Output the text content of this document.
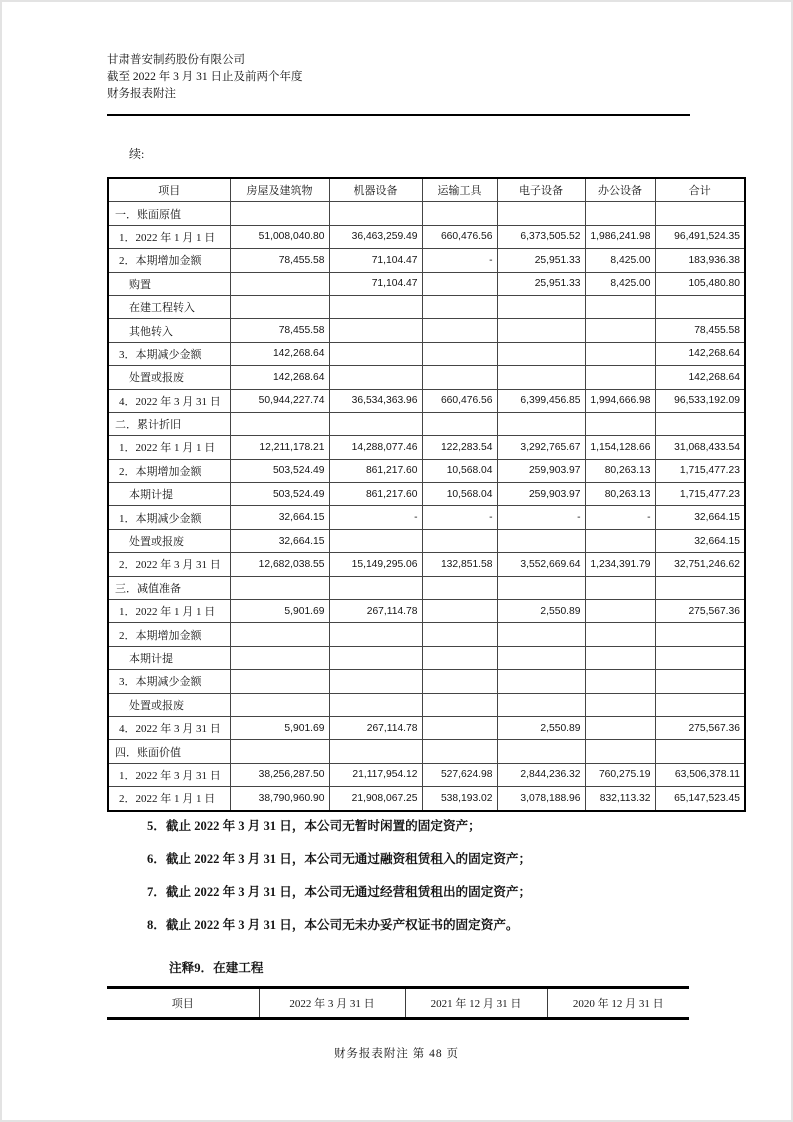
甘肃普安制药股份有限公司
截至 2022 年 3 月 31 日止及前两个年度
财务报表附注
续:
项目	房屋及建筑物	机器设备	运输工具	电子设备	办公设备	合计
一．账面原值						
1．2022 年 1 月 1 日	51,008,040.80	36,463,259.49	660,476.56	6,373,505.52	1,986,241.98	96,491,524.35
2．本期增加金额	78,455.58	71,104.47	-	25,951.33	8,425.00	183,936.38
购置		71,104.47		25,951.33	8,425.00	105,480.80
在建工程转入						
其他转入	78,455.58					78,455.58
3．本期减少金额	142,268.64					142,268.64
处置或报废	142,268.64					142,268.64
4．2022 年 3 月 31 日	50,944,227.74	36,534,363.96	660,476.56	6,399,456.85	1,994,666.98	96,533,192.09
二．累计折旧						
1．2022 年 1 月 1 日	12,211,178.21	14,288,077.46	122,283.54	3,292,765.67	1,154,128.66	31,068,433.54
2．本期增加金额	503,524.49	861,217.60	10,568.04	259,903.97	80,263.13	1,715,477.23
本期计提	503,524.49	861,217.60	10,568.04	259,903.97	80,263.13	1,715,477.23
1．本期减少金额	32,664.15	-	-	-	-	32,664.15
处置或报废	32,664.15					32,664.15
2．2022 年 3 月 31 日	12,682,038.55	15,149,295.06	132,851.58	3,552,669.64	1,234,391.79	32,751,246.62
三．减值准备						
1．2022 年 1 月 1 日	5,901.69	267,114.78		2,550.89		275,567.36
2．本期增加金额						
本期计提						
3．本期减少金额						
处置或报废						
4．2022 年 3 月 31 日	5,901.69	267,114.78		2,550.89		275,567.36
四．账面价值						
1．2022 年 3 月 31 日	38,256,287.50	21,117,954.12	527,624.98	2,844,236.32	760,275.19	63,506,378.11
2．2022 年 1 月 1 日	38,790,960.90	21,908,067.25	538,193.02	3,078,188.96	832,113.32	65,147,523.45

5．截止 2022 年 3 月 31 日，本公司无暂时闲置的固定资产；

6．截止 2022 年 3 月 31 日，本公司无通过融资租赁租入的固定资产；

7．截止 2022 年 3 月 31 日，本公司无通过经营租赁租出的固定资产；

8．截止 2022 年 3 月 31 日，本公司无未办妥产权证书的固定资产。

注释9．在建工程
项目	2022 年 3 月 31 日	2021 年 12 月 31 日	2020 年 12 月 31 日
财务报表附注 第 48 页
